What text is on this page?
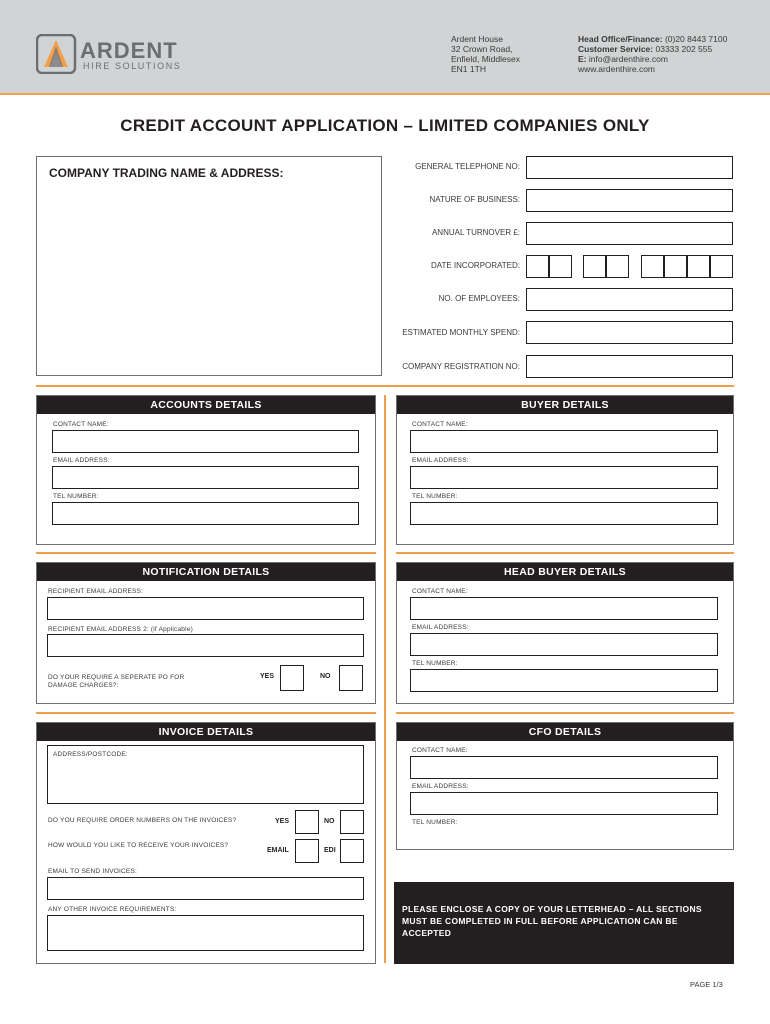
ARDENT
HIRE SOLUTIONS
Ardent House
32 Crown Road,
Enfield, Middlesex
EN1 1TH
Head Office/Finance: (0)20 8443 7100
Customer Service: 03333 202 555
E: info@ardenthire.com
www.ardenthire.com
CREDIT ACCOUNT APPLICATION – LIMITED COMPANIES ONLY
COMPANY TRADING NAME & ADDRESS:	GENERAL TELEPHONE NO:
NATURE OF BUSINESS:
ANNUAL TURNOVER £:
DATE INCORPORATED:
NO. OF EMPLOYEES:
ESTIMATED MONTHLY SPEND:
COMPANY REGISTRATION NO:
ACCOUNTS DETAILS
CONTACT NAME:
EMAIL ADDRESS:
TEL NUMBER:
BUYER DETAILS
CONTACT NAME:
EMAIL ADDRESS:
TEL NUMBER:
NOTIFICATION DETAILS
RECIPIENT EMAIL ADDRESS:
RECIPIENT EMAIL ADDRESS 2: (if Applicable)
DO YOUR REQUIRE A SEPERATE PO FOR
DAMAGE CHARGES?:
YES	NO
HEAD BUYER DETAILS
CONTACT NAME:
EMAIL ADDRESS:
TEL NUMBER:
INVOICE DETAILS
ADDRESS/POSTCODE:
DO YOU REQUIRE ORDER NUMBERS ON THE INVOICES?	YES	NO
HOW WOULD YOU LIKE TO RECEIVE YOUR INVOICES?
EMAIL	EDI
EMAIL TO SEND INVOICES:
ANY OTHER INVOICE REQUIREMENTS:
CFO DETAILS
CONTACT NAME:
EMAIL ADDRESS:
TEL NUMBER:
PLEASE ENCLOSE A COPY OF YOUR LETTERHEAD – ALL SECTIONS MUST BE COMPLETED IN FULL BEFORE APPLICATION CAN BE ACCEPTED
PAGE 1/3
